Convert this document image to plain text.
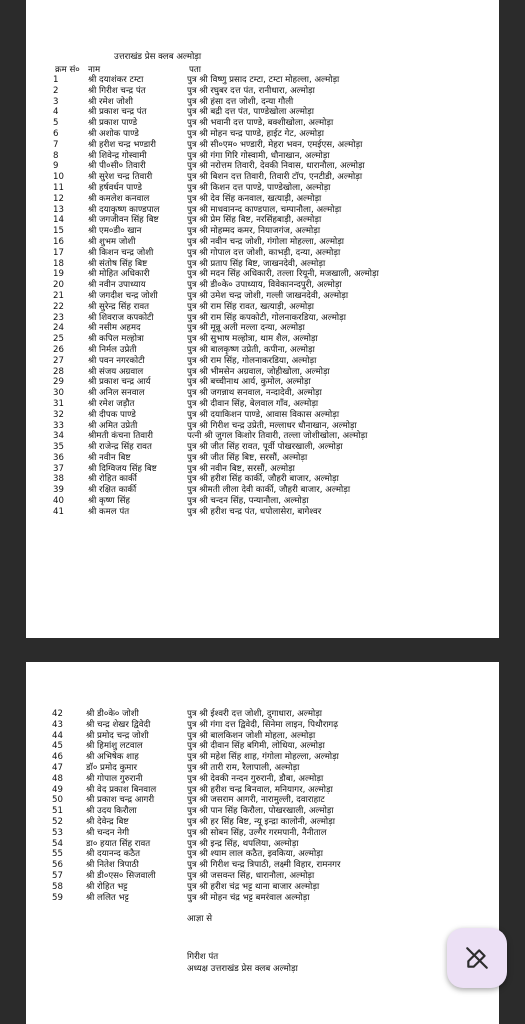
उत्तराखंड प्रेस क्लब अल्मोड़ा
क्रम सं० नाम	पता
1	श्री दयाशंकर टम्टा	पुत्र श्री विष्णु प्रसाद टम्टा, टम्टा मोहल्ला, अल्मोड़ा
2	श्री गिरीश चन्द्र पंत	पुत्र श्री रघुबर दत्त पंत, रानीधारा, अल्मोड़ा
3	श्री रमेश जोशी	पुत्र श्री हंसा दत्त जोशी, दन्या गौली
4	श्री प्रकाश चन्द्र पंत	पुत्र श्री बद्री दत्त पंत, पाण्डेखोला अल्मोड़ा
5	श्री प्रकाश पाण्डे	पुत्र श्री भवानी दत्त पाण्डे, बक्शीखोला, अल्मोड़ा
6	श्री अशोक पाण्डे	पुत्र श्री मोहन चन्द्र पाण्डे, हाईट गेट, अल्मोड़ा
7	श्री हरीश चन्द्र भण्डारी	पुत्र श्री सी०एम० भण्डारी, मेहरा भवन, एमईएस, अल्मोड़ा
8	श्री शिवेन्द्र गोस्वामी	पुत्र श्री गंगा गिरि गोस्वामी, धौनाखान, अल्मोड़ा
9	श्री पी०सी० तिवारी	पुत्र श्री नरोत्तम तिवारी, देवकी निवास, धारानौला, अल्मोड़ा
10	श्री सुरेश चन्द्र तिवारी	पुत्र श्री बिशन दत्त तिवारी, तिवारी टॉप, एनटीडी, अल्मोड़ा
11	श्री हर्षवर्धन पाण्डे	पुत्र श्री किशन दत्त पाण्डे, पाण्डेखोला, अल्मोड़ा
12	श्री कमलेश कनवाल	पुत्र श्री देव सिंह कनवाल, खत्याड़ी, अल्मोड़ा
13	श्री दयाकृष्ण काण्डपाल	पुत्र श्री माधवानन्द काण्डपाल, चम्पानौला, अल्मोड़ा
14	श्री जगजीवन सिंह बिष्ट	पुत्र श्री प्रेम सिंह बिष्ट, नरसिंहबाड़ी, अल्मोड़ा
15	श्री एम०डी० खान	पुत्र श्री मोहम्मद कमर, नियाजगंज, अल्मोड़ा
16	श्री शुभम जोशी	पुत्र श्री नवीन चन्द्र जोशी, गंगोला मोहल्ला, अल्मोड़ा
17	श्री किशन चन्द्र जोशी	पुत्र श्री गोपाल दत्त जोशी, काभड़ी, दन्या, अल्मोड़ा
18	श्री संतोष सिंह बिष्ट	पुत्र श्री प्रताप सिंह बिष्ट, जाखनदेवी, अल्मोड़ा
19	श्री मोहित अधिकारी	पुत्र श्री मदन सिंह अधिकारी, तल्ला रियूनी, मजखाली, अल्मोड़ा
20	श्री नवीन उपाध्याय	पुत्र श्री डी०के० उपाध्याय, विवेकानन्दपुरी, अल्मोड़ा
21	श्री जगदीश चन्द्र जोशी	पुत्र श्री उमेश चन्द्र जोशी, गल्ली जाखनदेवी, अल्मोड़ा
22	श्री सुरेन्द्र सिंह रावत	पुत्र श्री राम सिंह रावत, खत्याड़ी, अल्मोड़ा
23	श्री शिवराज कपकोटी	पुत्र श्री राम सिंह कपकोटी, गोलनाकरडिया, अल्मोड़ा
24	श्री नसीम अहमद	पुत्र श्री मून्नू अली मल्ला दन्या, अल्मोड़ा
25	श्री कपिल मल्होत्रा	पुत्र श्री सुभाष मल्होत्रा, थाम शैल, अल्मोड़ा
26	श्री निर्मल उप्रेती	पुत्र श्री बालकृष्ण उप्रेती, कपीना, अल्मोड़ा
27	श्री पवन नगरकोटी	पुत्र श्री राम सिंह, गोलनाकरडिया, अल्मोड़ा
28	श्री संजय अग्रवाल	पुत्र श्री भीमसेन अग्रवाल, जोहीखोला, अल्मोड़ा
29	श्री प्रकाश चन्द्र आर्य	पुत्र श्री बच्चीनाथ आर्य, कुमोल, अल्मोड़ा
30	श्री अनिल सनवाल	पुत्र श्री जगन्नाथ सनवाल, नन्दादेवी, अल्मोड़ा
31	श्री रमेश जड़ौत	पुत्र श्री दीवान सिंह, बेलवाल गाँव, अल्मोड़ा
32	श्री दीपक पाण्डे	पुत्र श्री दयाकिशन पाण्डे, आवास विकास अल्मोड़ा
33	श्री अमित उप्रेती	पुत्र श्री गिरीश चन्द्र उप्रेती, मल्लाधर धौनाखान, अल्मोड़ा
34	श्रीमती कंचना तिवारी	पत्नी श्री जुगल किशोर तिवारी, तल्ला जोशीखोला, अल्मोड़ा
35	श्री राजेन्द्र सिंह रावत	पुत्र श्री जीत सिंह रावत, पूर्वी पोखरखाली, अल्मोड़ा
36	श्री नवीन बिष्ट	पुत्र श्री जीत सिंह बिष्ट, सरसौं, अल्मोड़ा
37	श्री दिग्विजय सिंह बिष्ट	पुत्र श्री नवीन बिष्ट, सरसौं, अल्मोड़ा
38	श्री रोहित कार्की	पुत्र श्री हरीश सिंह कार्की, जौहरी बाजार, अल्मोड़ा
39	श्री रक्षित कार्की	पुत्र श्रीमती लीला देवी कार्की, जौहरी बाजार, अल्मोड़ा
40	श्री कृष्ण सिंह	पुत्र श्री चन्दन सिंह, पन्यानौला, अल्मोड़ा
41	श्री कमल पंत	पुत्र श्री हरीश चन्द्र पंत, धपोलासेरा, बागेश्वर
42	श्री डी०के० जोशी	पुत्र श्री ईश्वरी दत्त जोशी, दुगाधारा, अल्मोड़ा
43	श्री चन्द्र शेखर द्विवेदी	पुत्र श्री गंगा दत्त द्विवेदी, सिनेमा लाइन, पिथौरागढ़
44	श्री प्रमोद चन्द्र जोशी	पुत्र श्री बालकिशन जोशी मोहला, अल्मोड़ा
45	श्री हिमांशु लटवाल	पुत्र श्री दीवान सिंह बगिमी, लोधिया, अल्मोड़ा
46	श्री अभिषेक शाह	पुत्र श्री महेश सिंह शाह, गंगोला मोहल्ला, अल्मोड़ा
47	डॉ० प्रमोद कुमार	पुत्र श्री तारी राम, रैलापाली, अल्मोड़ा
48	श्री गोपाल गुरुरानी	पुत्र श्री देवकी नन्दन गुरुरानी, डौबा, अल्मोड़ा
49	श्री वेद प्रकाश बिनवाल	पुत्र श्री हरीश चन्द्र बिनवाल, मनियागर, अल्मोड़ा
50	श्री प्रकाश चन्द्र आगरी	पुत्र श्री जसराम आगरी, नारामुल्ली, दवाराहाट
51	श्री उदय किरौला	पुत्र श्री पान सिंह किरौला, पोखरखाली, अल्मोड़ा
52	श्री देवेन्द्र बिष्ट	पुत्र श्री हर सिंह बिष्ट, न्यू इन्द्रा कालोनी, अल्मोड़ा
53	श्री चन्दन नेगी	पुत्र श्री सोबन सिंह, उल्गैर गरमपानी, नैनीताल
54	डा० हयात सिंह रावत	पुत्र श्री इन्द्र सिंह, थपलिया, अल्मोड़ा
55	श्री दयानन्द कठैत	पुत्र श्री श्याम लाल कठैत, इवकिया, अल्मोड़ा
56	श्री नितेश त्रिपाठी	पुत्र श्री गिरीश चन्द्र त्रिपाठी, लक्ष्मी विहार, रामनगर
57	श्री डी०एस० सिजवाली	पुत्र श्री जसवन्त सिंह, धारानौला, अल्मोड़ा
58	श्री रोहित भट्ट	पुत्र श्री हरीश चंद्र भट्ट थाना बाजार अल्मोड़ा
59	श्री ललित भट्ट	पुत्र श्री मोहन चंद्र भट्ट बमरंवाल अल्मोड़ा
आज्ञा से
गिरीश पंत
अध्यक्ष उत्तराखंड प्रेस क्लब अल्मोड़ा
